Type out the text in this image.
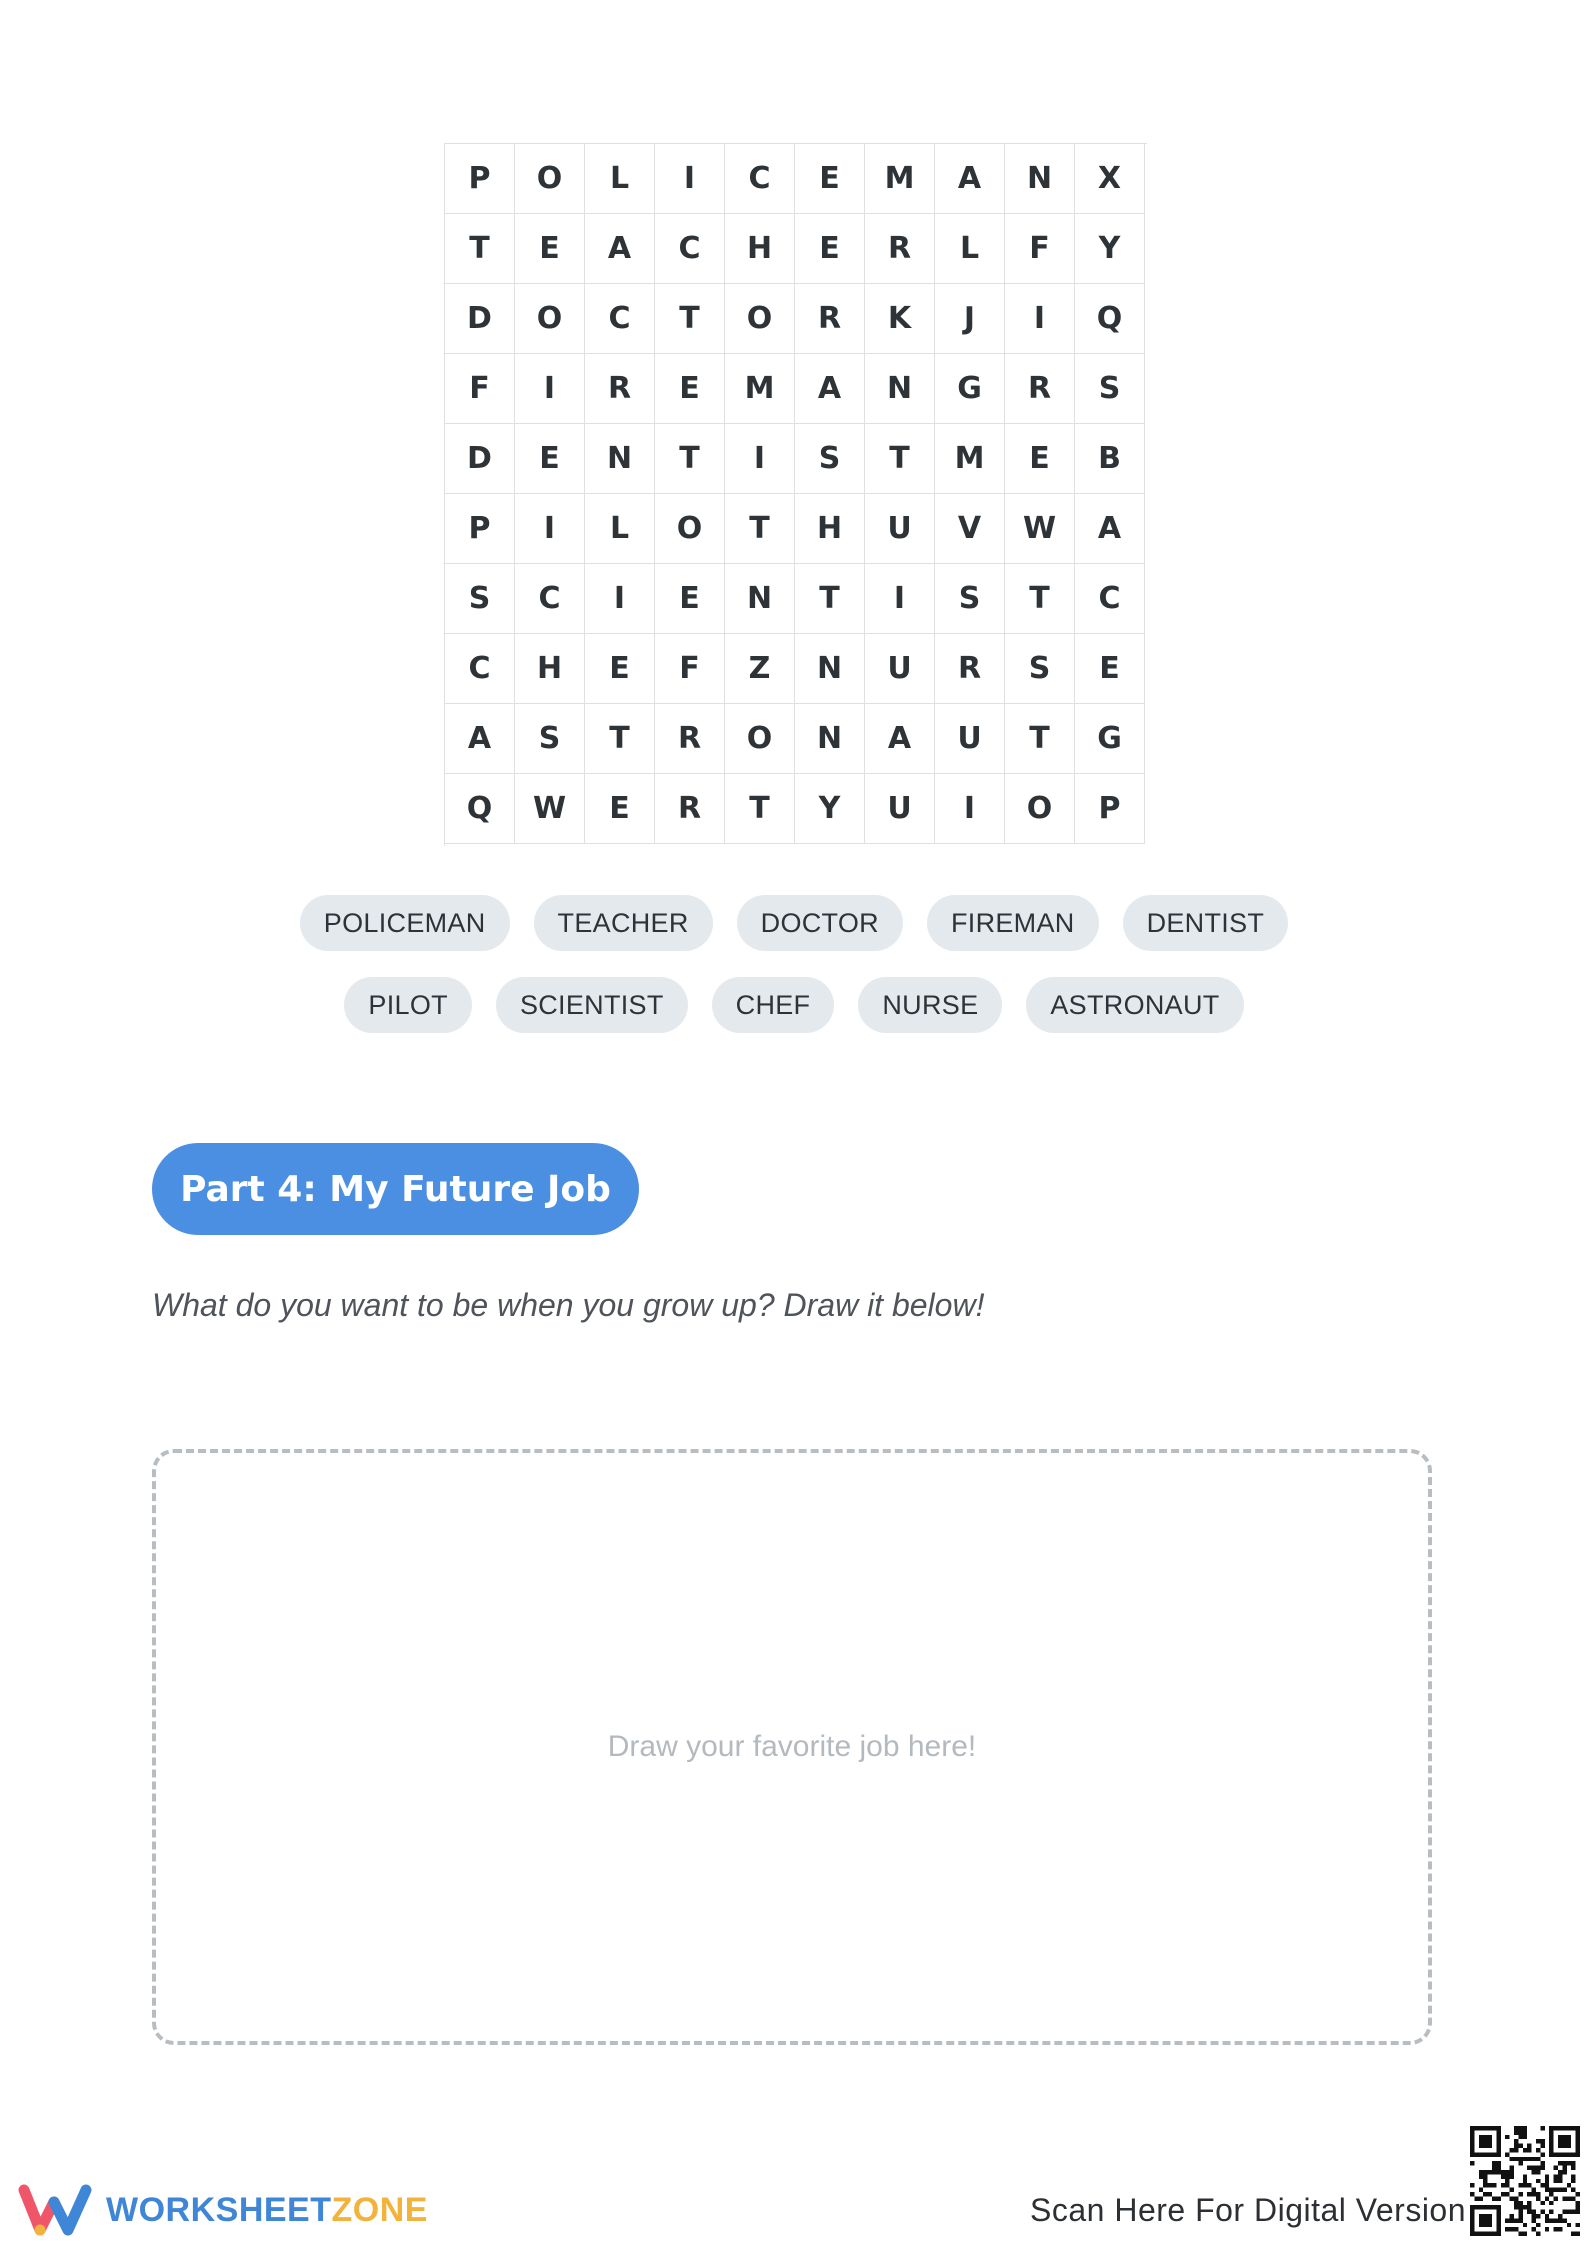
P	O	L	I	C	E	M	A	N	X
T	E	A	C	H	E	R	L	F	Y
D	O	C	T	O	R	K	J	I	Q
F	I	R	E	M	A	N	G	R	S
D	E	N	T	I	S	T	M	E	B
P	I	L	O	T	H	U	V	W	A
S	C	I	E	N	T	I	S	T	C
C	H	E	F	Z	N	U	R	S	E
A	S	T	R	O	N	A	U	T	G
Q	W	E	R	T	Y	U	I	O	P
POLICEMAN	TEACHER	DOCTOR	FIREMAN	DENTIST
PILOT	SCIENTIST	CHEF	NURSE	ASTRONAUT
Part 4: My Future Job
What do you want to be when you grow up? Draw it below!
Draw your favorite job here!
WORKSHEETZONE	Scan Here For Digital Version
